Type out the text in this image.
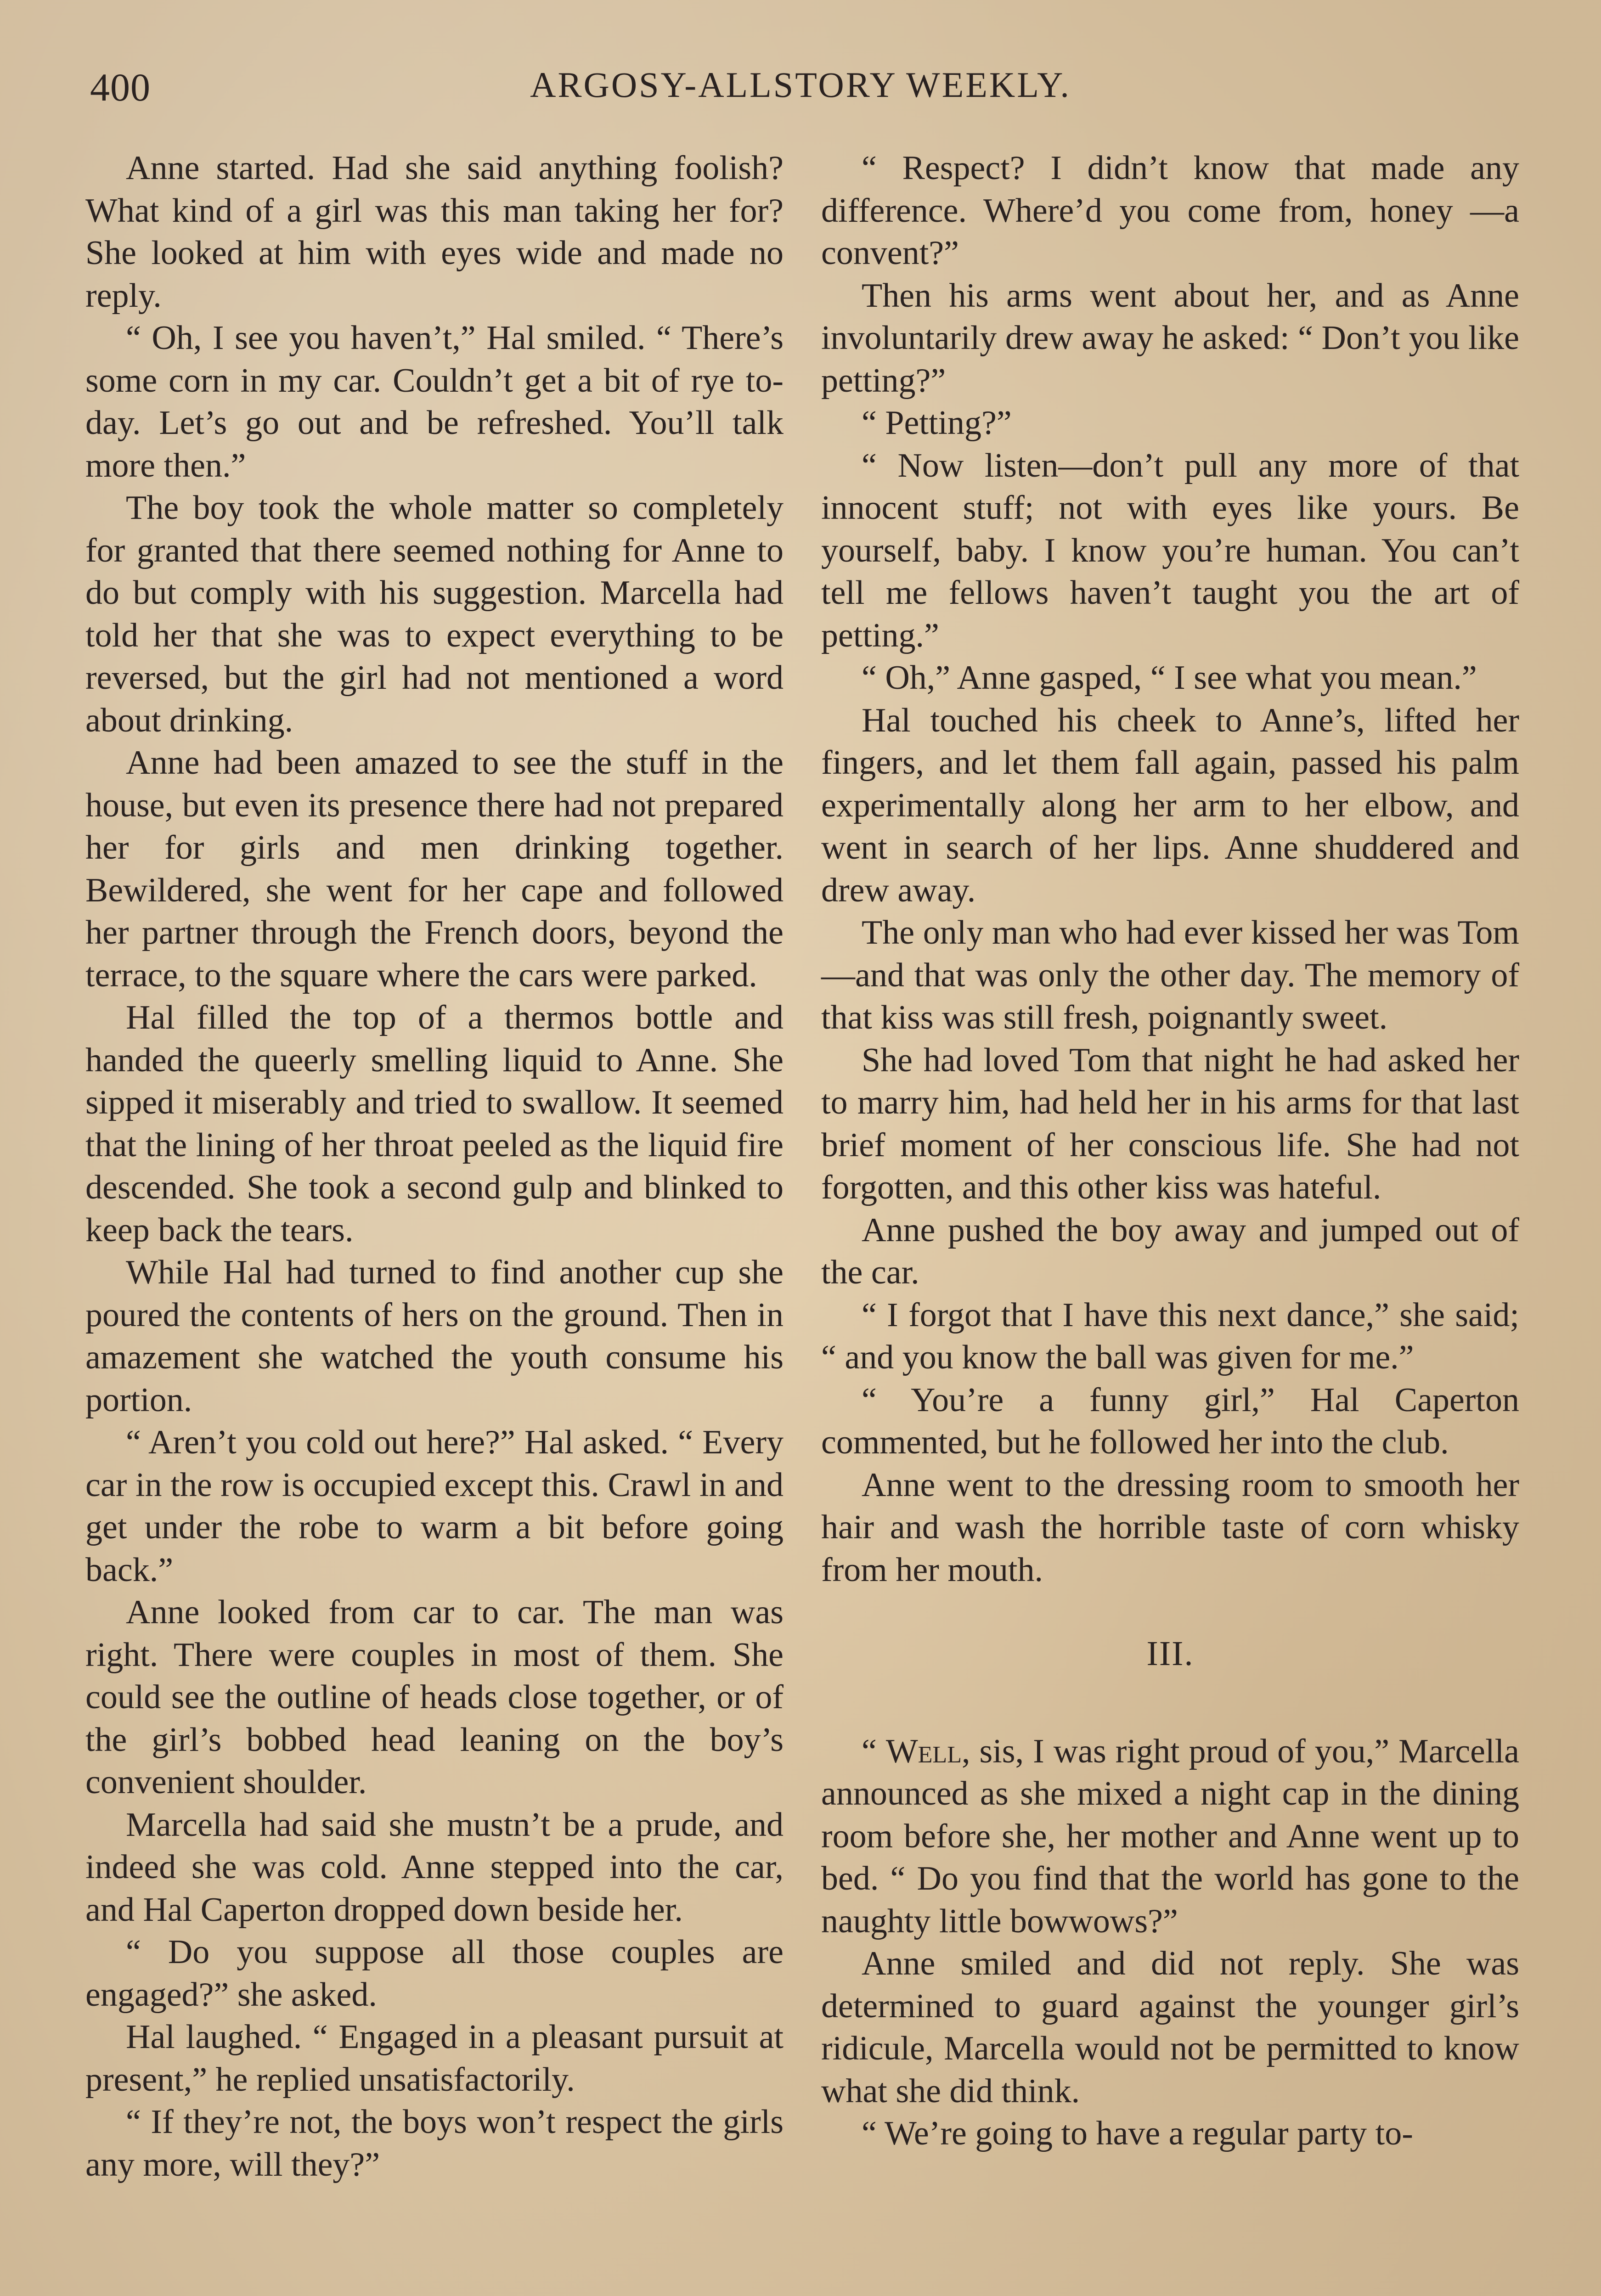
400	ARGOSY-ALLSTORY WEEKLY.

Anne started. Had she said anything foolish? What kind of a girl was this man taking her for? She looked at him with eyes wide and made no reply.

“ Oh, I see you haven’t,” Hal smiled. “ There’s some corn in my car. Couldn’t get a bit of rye to-day. Let’s go out and be refreshed. You’ll talk more then.”

The boy took the whole matter so completely for granted that there seemed nothing for Anne to do but comply with his suggestion. Marcella had told her that she was to expect everything to be reversed, but the girl had not mentioned a word about drinking.

Anne had been amazed to see the stuff in the house, but even its presence there had not prepared her for girls and men drinking together. Bewildered, she went for her cape and followed her partner through the French doors, beyond the terrace, to the square where the cars were parked.

Hal filled the top of a thermos bottle and handed the queerly smelling liquid to Anne. She sipped it miserably and tried to swallow. It seemed that the lining of her throat peeled as the liquid fire descended. She took a second gulp and blinked to keep back the tears.

While Hal had turned to find another cup she poured the contents of hers on the ground. Then in amazement she watched the youth consume his portion.

“ Aren’t you cold out here?” Hal asked. “ Every car in the row is occupied except this. Crawl in and get under the robe to warm a bit before going back.”

Anne looked from car to car. The man was right. There were couples in most of them. She could see the outline of heads close together, or of the girl’s bobbed head leaning on the boy’s convenient shoulder.

Marcella had said she mustn’t be a prude, and indeed she was cold. Anne stepped into the car, and Hal Caperton dropped down beside her.

“ Do you suppose all those couples are engaged?” she asked.

Hal laughed. “ Engaged in a pleasant pursuit at present,” he replied unsatisfactorily.

“ If they’re not, the boys won’t respect the girls any more, will they?”

“ Respect? I didn’t know that made any difference. Where’d you come from, honey —a convent?”

Then his arms went about her, and as Anne involuntarily drew away he asked: “ Don’t you like petting?”

“ Petting?”

“ Now listen—don’t pull any more of that innocent stuff; not with eyes like yours. Be yourself, baby. I know you’re human. You can’t tell me fellows haven’t taught you the art of petting.”

“ Oh,” Anne gasped, “ I see what you mean.”

Hal touched his cheek to Anne’s, lifted her fingers, and let them fall again, passed his palm experimentally along her arm to her elbow, and went in search of her lips. Anne shuddered and drew away.

The only man who had ever kissed her was Tom—and that was only the other day. The memory of that kiss was still fresh, poignantly sweet.

She had loved Tom that night he had asked her to marry him, had held her in his arms for that last brief moment of her conscious life. She had not forgotten, and this other kiss was hateful.

Anne pushed the boy away and jumped out of the car.

“ I forgot that I have this next dance,” she said; “ and you know the ball was given for me.”

“ You’re a funny girl,” Hal Caperton commented, but he followed her into the club.

Anne went to the dressing room to smooth her hair and wash the horrible taste of corn whisky from her mouth.

III.

“ Well, sis, I was right proud of you,” Marcella announced as she mixed a night cap in the dining room before she, her mother and Anne went up to bed. “ Do you find that the world has gone to the naughty little bowwows?”

Anne smiled and did not reply. She was determined to guard against the younger girl’s ridicule, Marcella would not be permitted to know what she did think.

“ We’re going to have a regular party to-
